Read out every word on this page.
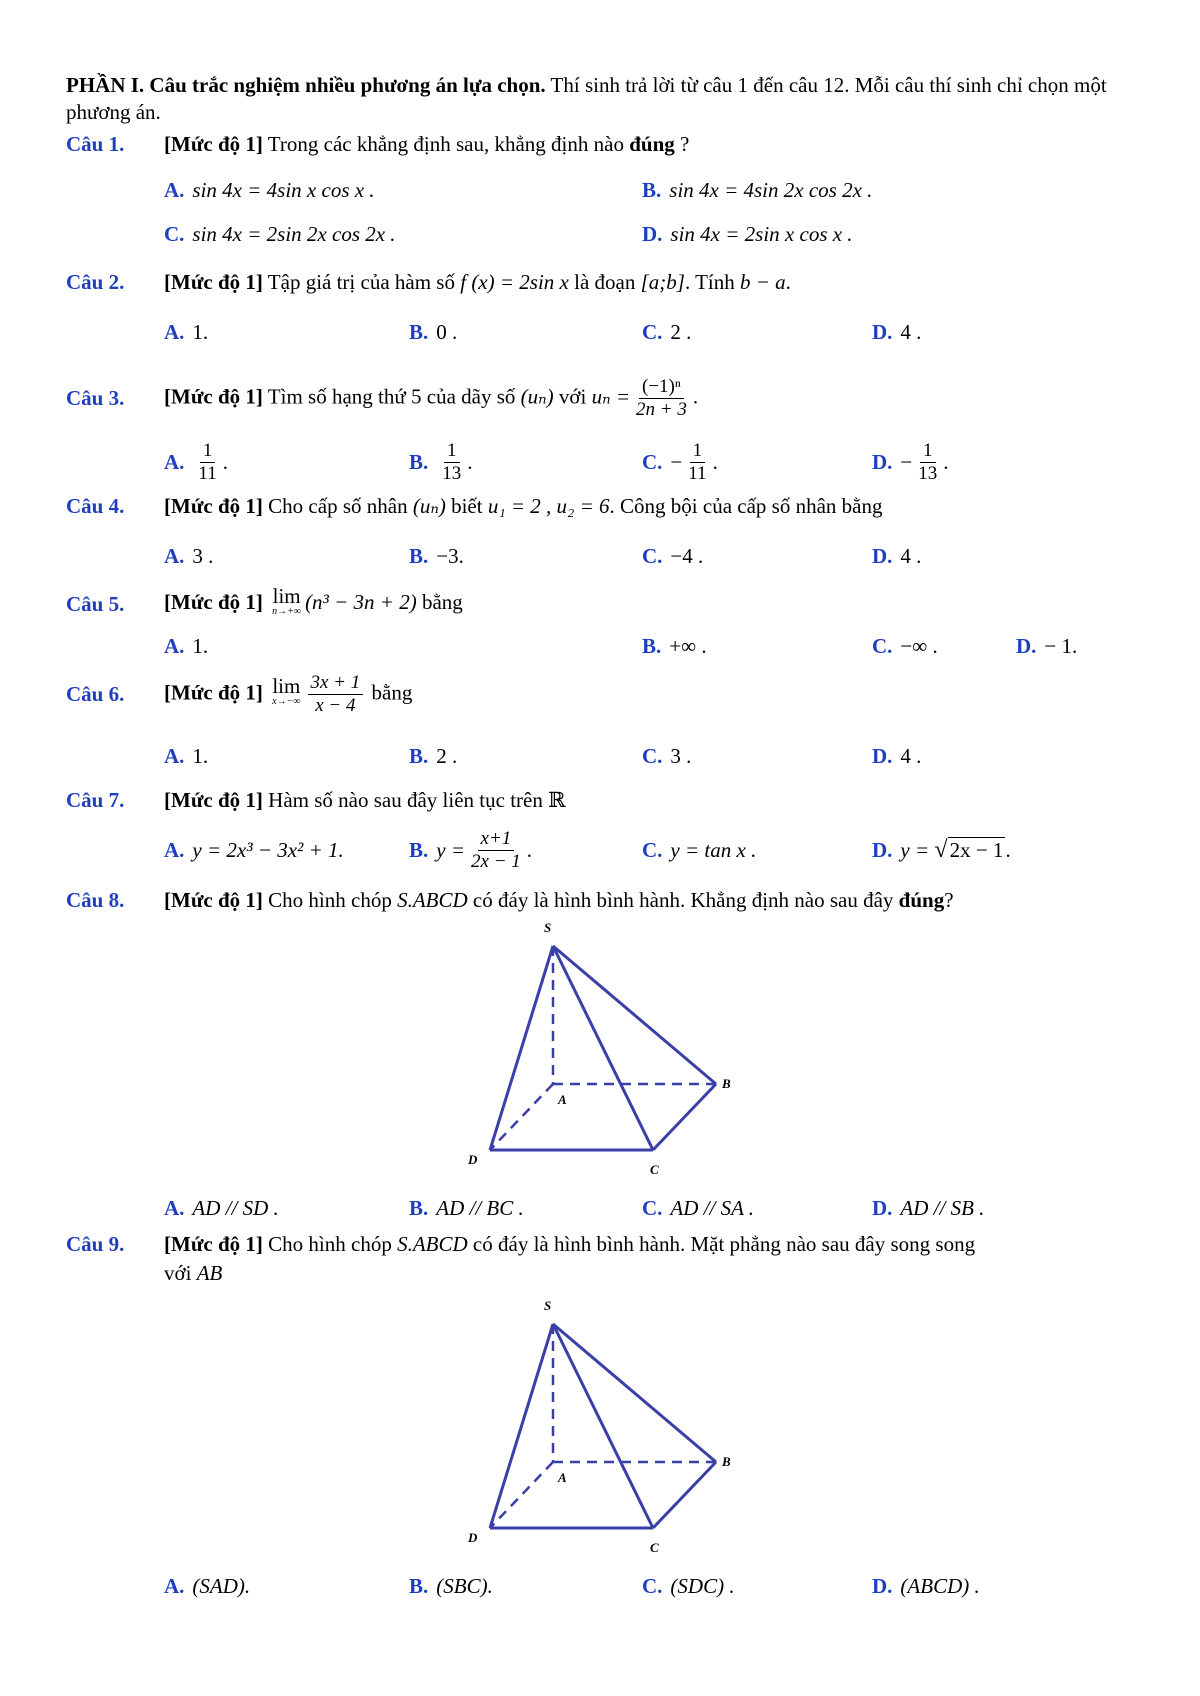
PHẦN I. Câu trắc nghiệm nhiều phương án lựa chọn. Thí sinh trả lời từ câu 1 đến câu 12. Mỗi câu thí sinh chỉ chọn một phương án.
Câu 1.	[Mức độ 1] Trong các khẳng định sau, khẳng định nào đúng ?
A. sin 4x = 4sin x cos x .	B. sin 4x = 4sin 2x cos 2x .
C. sin 4x = 2sin 2x cos 2x .	D. sin 4x = 2sin x cos x .
Câu 2.	[Mức độ 1] Tập giá trị của hàm số f (x) = 2sin x là đoạn [a;b]. Tính b − a.
A. 1.	B. 0 .	C. 2 .	D. 4 .
Câu 3.	[Mức độ 1] Tìm số hạng thứ 5 của dãy số (uₙ) với $u_n = \frac{\text{(−1)ⁿ}}{2n + 3}$ .
A. $\frac{1}{11}$ .	B. $\frac{1}{13}$ .	C. − $\frac{1}{11}$ .	D. − $\frac{1}{13}$ .
Câu 4.	[Mức độ 1] Cho cấp số nhân (uₙ) biết u₁ = 2 , u₂ = 6. Công bội của cấp số nhân bằng
A. 3 .	B. −3.	C. −4 .	D. 4 .
Câu 5.	[Mức độ 1] lim
n→+∞ (n³ − 3n + 2) bằng
A. 1.	B. +∞ .	C. −∞ .	D. − 1.
Câu 6.	[Mức độ 1] lim
$x\to-\infty \frac{3x + 1}{x - 4}$ bằng
A. 1.	B. 2 .	C. 3 .	D. 4 .
Câu 7.	[Mức độ 1] Hàm số nào sau đây liên tục trên ℝ
A. y = 2x³ − 3x² + 1.	B. $y = \frac{x+1}{2x - 1}$ .	C. y = tan x .	D. y =
√ 2x − 1 .
Câu 8.	[Mức độ 1] Cho hình chóp S.ABCD có đáy là hình bình hành. Khẳng định nào sau đây đúng?
S
A
B
C
D
A. AD // SD .	B. AD // BC .	C. AD // SA .	D. AD // SB .
Câu 9.	[Mức độ 1] Cho hình chóp S.ABCD có đáy là hình bình hành. Mặt phẳng nào sau đây song song
với AB
S
A
B
C
D
A. (SAD).	B. (SBC).	C. (SDC) .	D. (ABCD) .
